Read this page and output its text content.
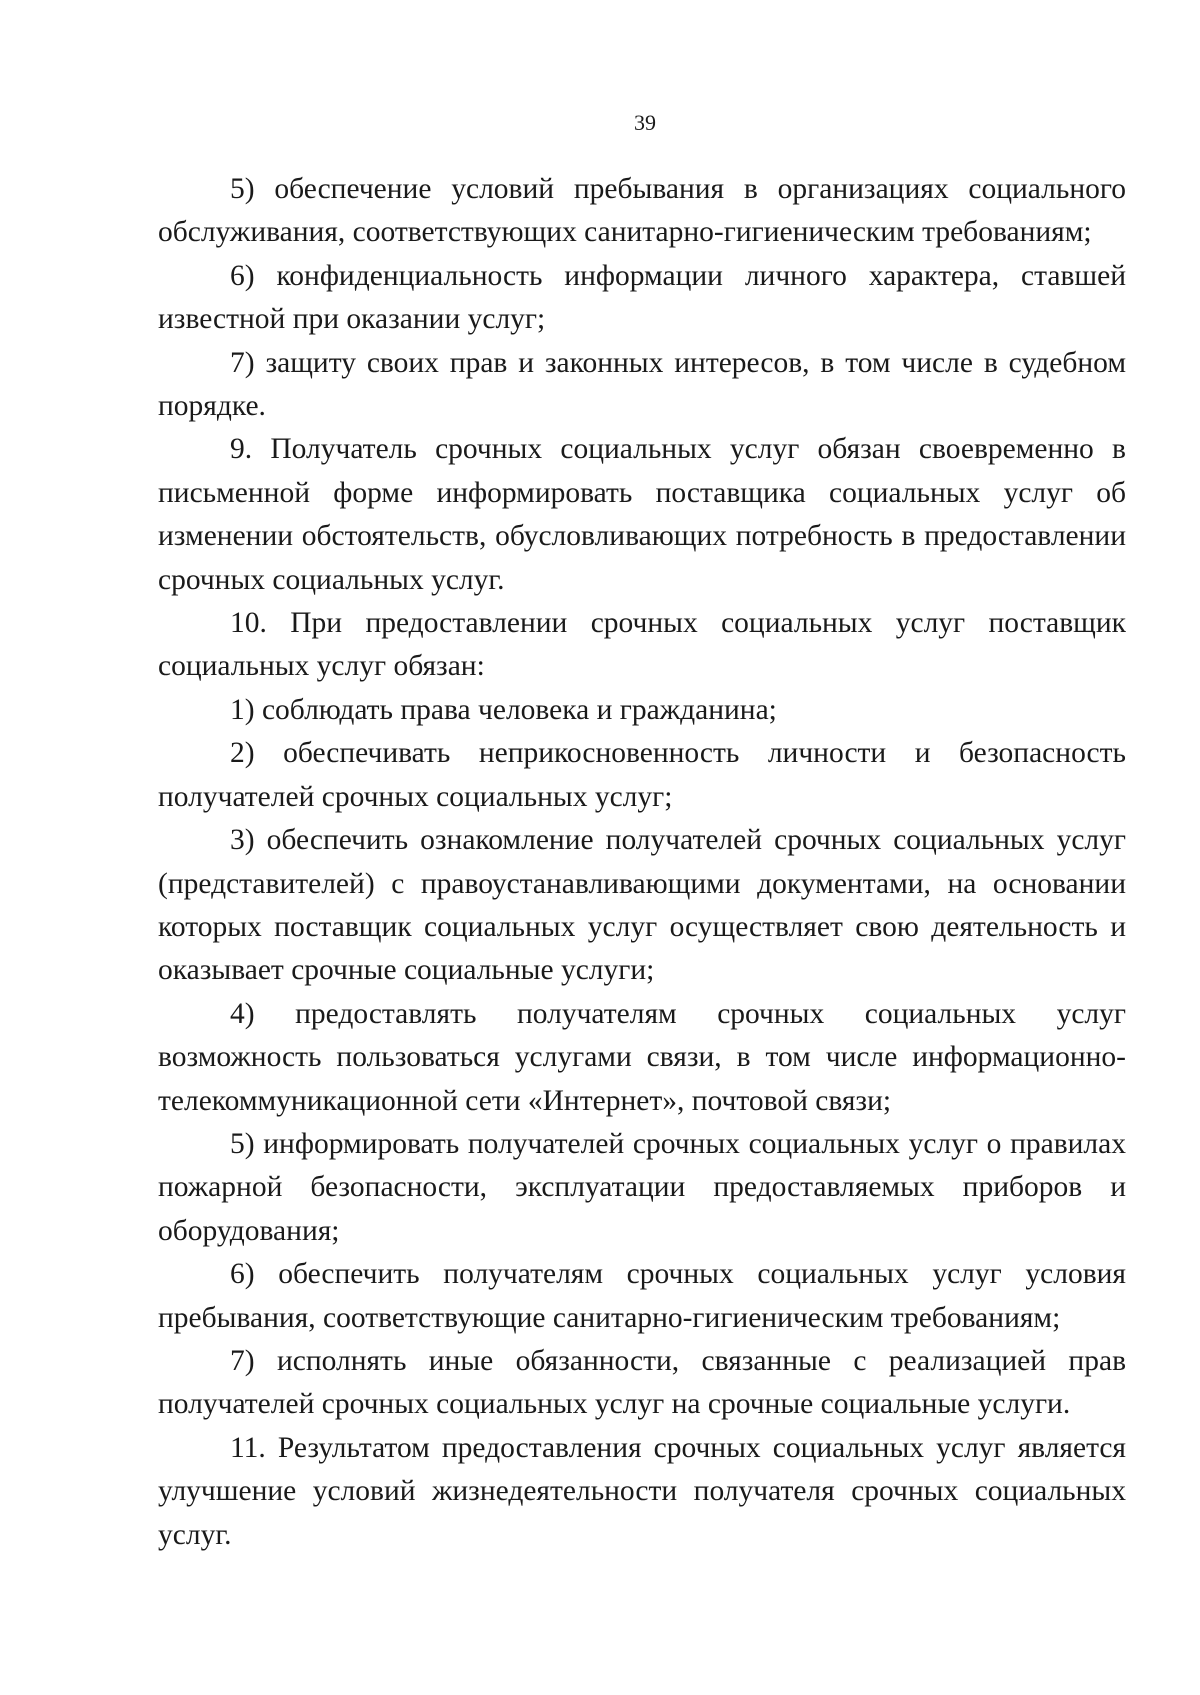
39

5) обеспечение условий пребывания в организациях социального обслуживания, соответствующих санитарно-гигиеническим требованиям;

6) конфиденциальность информации личного характера, ставшей известной при оказании услуг;

7) защиту своих прав и законных интересов, в том числе в судебном порядке.

9. Получатель срочных социальных услуг обязан своевременно в письменной форме информировать поставщика социальных услуг об изменении обстоятельств, обусловливающих потребность в предоставлении срочных социальных услуг.

10. При предоставлении срочных социальных услуг поставщик социальных услуг обязан:

1) соблюдать права человека и гражданина;

2) обеспечивать неприкосновенность личности и безопасность получателей срочных социальных услуг;

3) обеспечить ознакомление получателей срочных социальных услуг (представителей) с правоустанавливающими документами, на основании которых поставщик социальных услуг осуществляет свою деятельность и оказывает срочные социальные услуги;

4) предоставлять получателям срочных социальных услуг возможность пользоваться услугами связи, в том числе информационно-телекоммуникационной сети «Интернет», почтовой связи;

5) информировать получателей срочных социальных услуг о правилах пожарной безопасности, эксплуатации предоставляемых приборов и оборудования;

6) обеспечить получателям срочных социальных услуг условия пребывания, соответствующие санитарно-гигиеническим требованиям;

7) исполнять иные обязанности, связанные с реализацией прав получателей срочных социальных услуг на срочные социальные услуги.

11. Результатом предоставления срочных социальных услуг является улучшение условий жизнедеятельности получателя срочных социальных услуг.
